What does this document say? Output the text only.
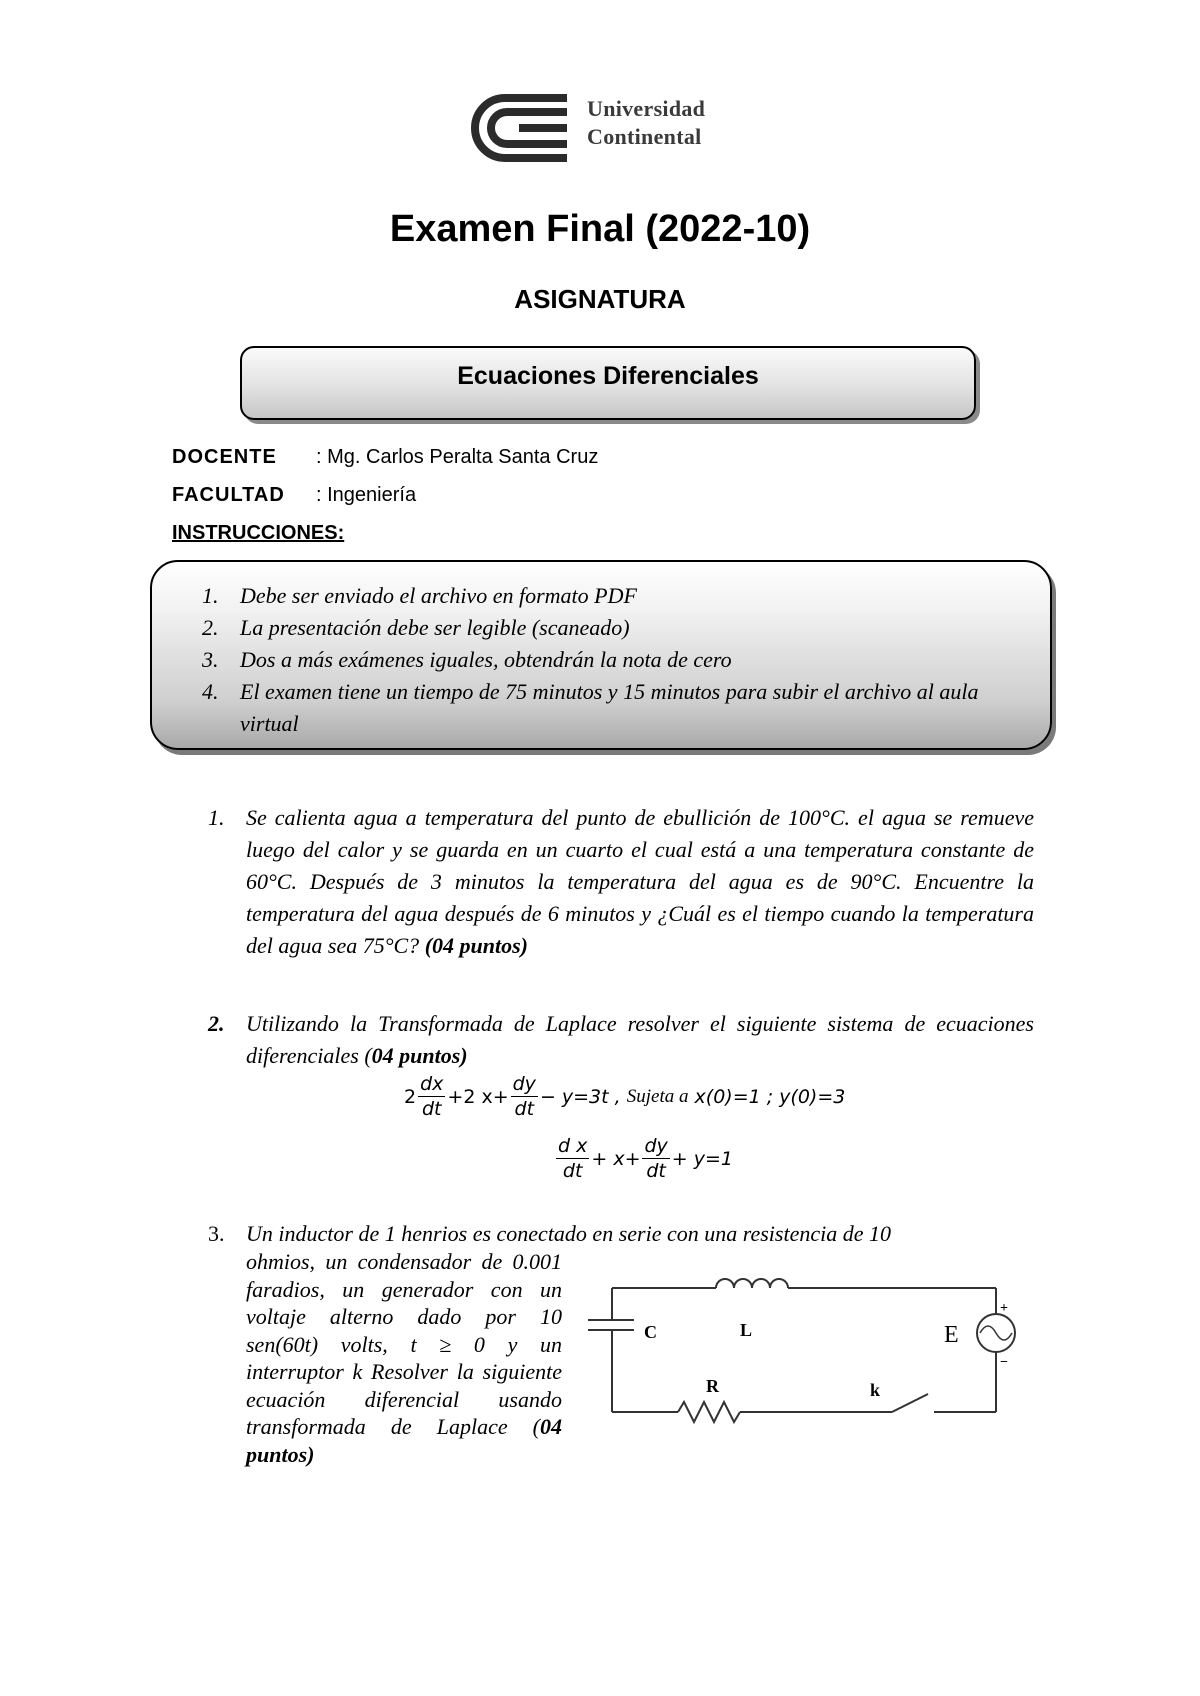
Universidad
Continental
Examen Final (2022-10)
ASIGNATURA
Ecuaciones Diferenciales
DOCENTE : Mg. Carlos Peralta Santa Cruz
FACULTAD : Ingeniería
INSTRUCCIONES:
1. Debe ser enviado el archivo en formato PDF
2. La presentación debe ser legible (scaneado)
3. Dos a más exámenes iguales, obtendrán la nota de cero
4. El examen tiene un tiempo de 75 minutos y 15 minutos para subir el archivo al aula virtual
1. Se calienta agua a temperatura del punto de ebullición de 100°C. el agua se remueve luego del calor y se guarda en un cuarto el cual está a una temperatura constante de 60°C. Después de 3 minutos la temperatura del agua es de 90°C. Encuentre la temperatura del agua después de 6 minutos y ¿Cuál es el tiempo cuando la temperatura del agua sea 75°C? (04 puntos)
2. Utilizando la Transformada de Laplace resolver el siguiente sistema de ecuaciones diferenciales (04 puntos)
$2 \frac{dx}{dt} +2$ $x+ \frac{dy}{dt} - y=3t$ ,
Sujeta a
x(0)=1 ; y(0)=3
$\frac{\text{d x}}{dt} + x+ \frac{dy}{dt} + y=1$
3. Un inductor de 1 henrios es conectado en serie con una resistencia de 10
ohmios, un condensador de 0.001 faradios, un generador con un voltaje alterno dado por 10 sen(60t) volts, t ≥ 0 y un interruptor k Resolver la siguiente ecuación diferencial usando transformada de Laplace (04 puntos)
C	L
R	k
E
+
−
